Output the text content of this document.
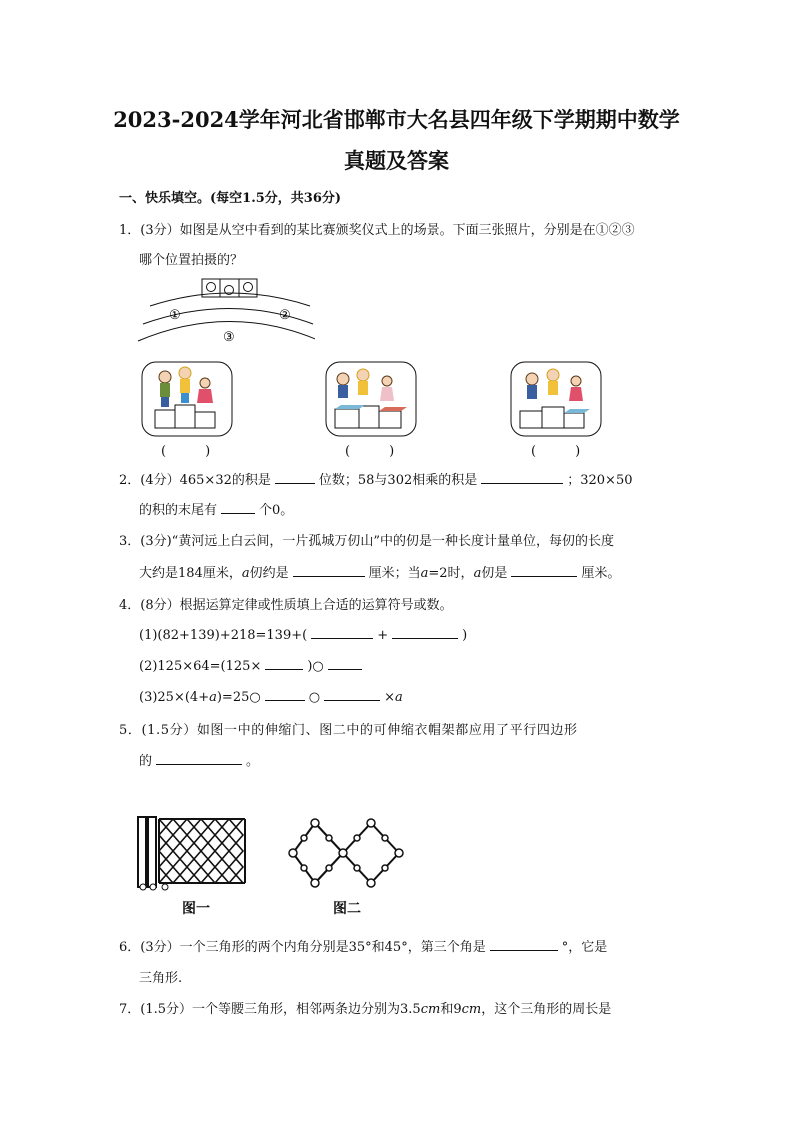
2023-2024学年河北省邯郸市大名县四年级下学期期中数学
真题及答案
一、快乐填空。(每空1.5分，共36分)
1．(3分）如图是从空中看到的某比赛颁奖仪式上的场景。下面三张照片，分别是在①②③
哪个位置拍摄的？
①	②
③
(　　　)	(　　　)	(　　　)
2．(4分）465×32的积是	位数；58与302相乘的积是	；320×50
的积的末尾有	个0。
3．(3分)“黄河远上白云间，一片孤城万仞山”中的仞是一种长度计量单位，每仞的长度
大约是184厘米，a仞约是	厘米；当a=2时，a仞是	厘米。
4．(8分）根据运算定律或性质填上合适的运算符号或数。
(1)(82+139)+218=139+(	+	)
(2)125×64=(125×	)○
(3)25×(4+a)=25○	○	×a
5．(1.5分）如图一中的伸缩门、图二中的可伸缩衣帽架都应用了平行四边形
的	。
图一	图二
6．(3分）一个三角形的两个内角分别是35°和45°，第三个角是	°，它是
三角形.
7．(1.5分）一个等腰三角形，相邻两条边分别为3.5cm和9cm，这个三角形的周长是
